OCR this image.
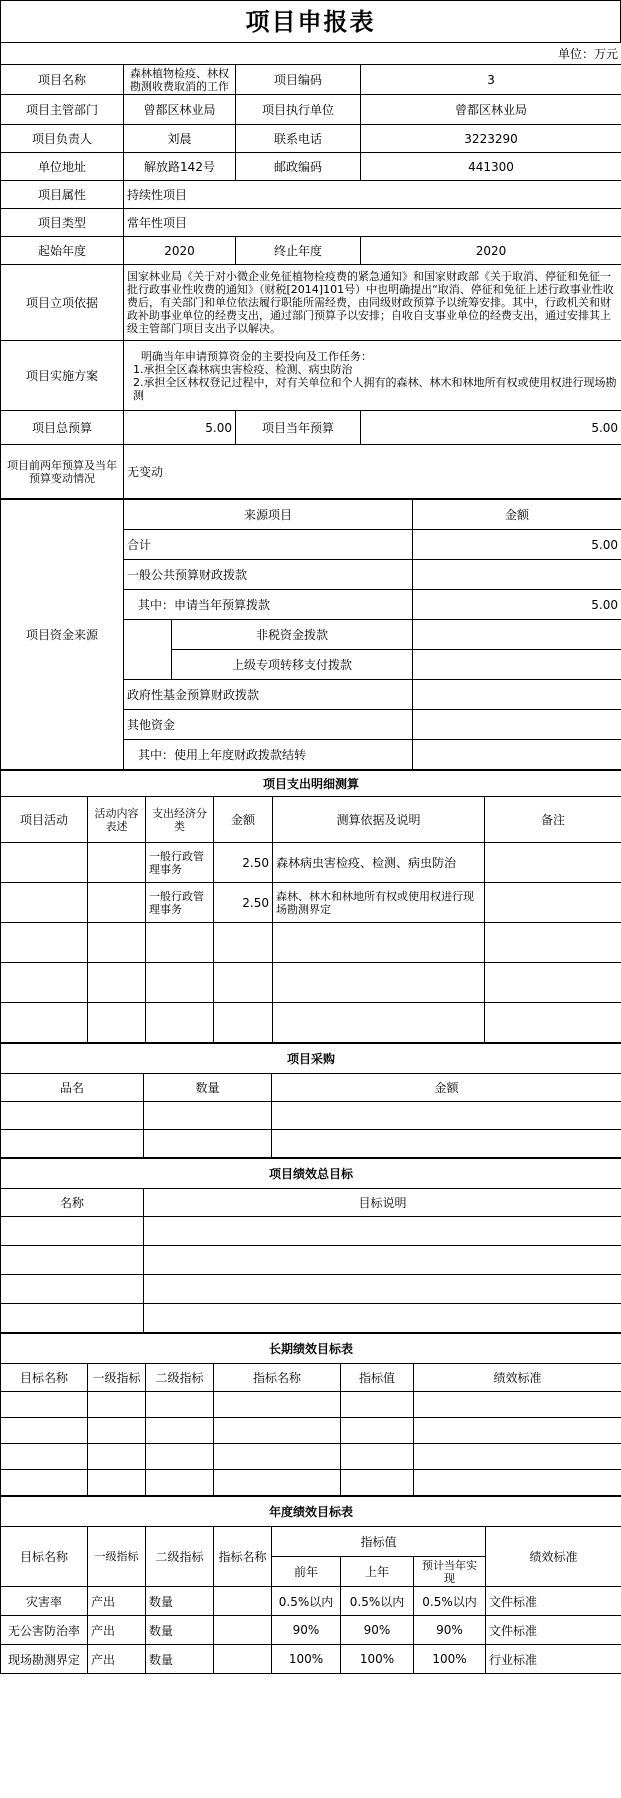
项目申报表
单位：万元			
项目名称	森林植物检疫、林权勘测收费取消的工作	项目编码	3
项目主管部门	曾都区林业局	项目执行单位	曾都区林业局
项目负责人	刘晨	联系电话	3223290
单位地址	解放路142号	邮政编码	441300
项目属性	持续性项目		
项目类型	常年性项目		
起始年度	2020	终止年度	2020
项目立项依据	国家林业局《关于对小微企业免征植物检疫费的紧急通知》和国家财政部《关于取消、停征和免征一批行政事业性收费的通知》（财税[2014]101号）中也明确提出“取消、停征和免征上述行政事业性收费后，有关部门和单位依法履行职能所需经费，由同级财政预算予以统筹安排。其中，行政机关和财政补助事业单位的经费支出，通过部门预算予以安排；自收自支事业单位的经费支出，通过安排其上级主管部门项目支出予以解决。		
项目实施方案	明确当年申请预算资金的主要投向及工作任务：
1.承担全区森林病虫害检疫、检测、病虫防治
2.承担全区林权登记过程中，对有关单位和个人拥有的森林、林木和林地所有权或使用权进行现场勘测		

项目总预算	5.00	项目当年预算	5.00
项目前两年预算及当年预算变动情况	无变动		
项目资金来源	来源项目		金额
	合计		5.00
	一般公共预算财政拨款		
	其中：申请当年预算拨款		5.00
		非税资金拨款	
		上级专项转移支付拨款	
	政府性基金预算财政拨款		
	其他资金		
	其中：使用上年度财政拨款结转		
项目支出明细测算					
项目活动	活动内容表述	支出经济分类	金额	测算依据及说明	备注
		一般行政管理事务	2.50	森林病虫害检疫、检测、病虫防治	
		一般行政管理事务	2.50	森林、林木和林地所有权或使用权进行现场勘测界定	

项目采购		
品名	数量	金额

项目绩效总目标	
名称	目标说明

长期绩效目标表					
目标名称	一级指标	二级指标	指标名称	指标值	绩效标准

年度绩效目标表							
目标名称	一级指标	二级指标	指标名称	指标值			绩效标准
				前年	上年	预计当年实现	
灾害率	产出	数量		0.5%以内	0.5%以内	0.5%以内	文件标准
无公害防治率	产出	数量		90%	90%	90%	文件标准
现场勘测界定	产出	数量		100%	100%	100%	行业标准
